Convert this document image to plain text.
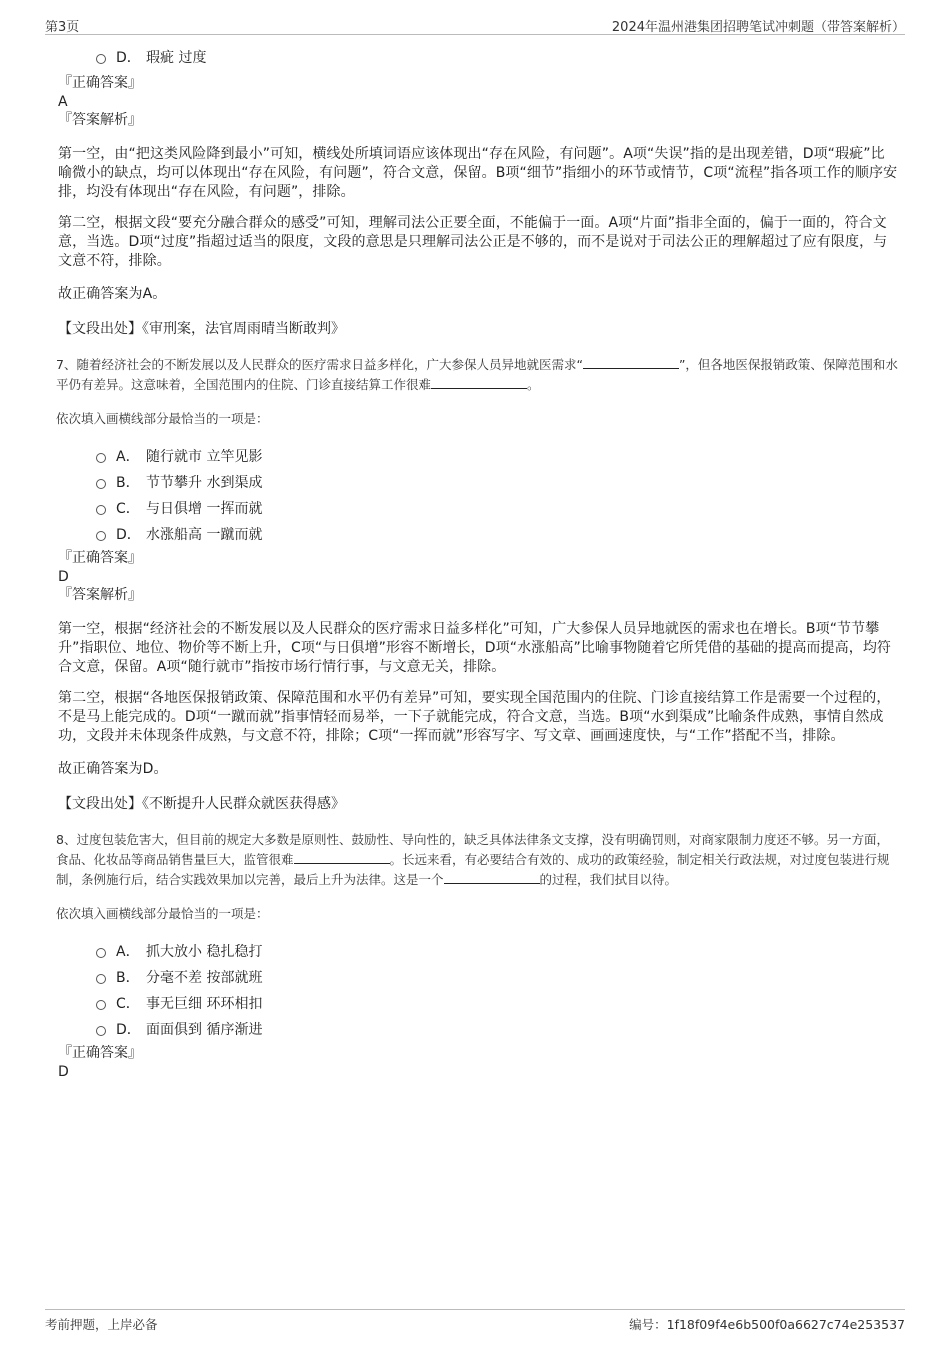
第3页	2024年温州港集团招聘笔试冲刺题（带答案解析）
D． 瑕疵 过度
『正确答案』
A
『答案解析』
第一空，由“把这类风险降到最小”可知，横线处所填词语应该体现出“存在风险，有问题”。A项“失误”指的是出现差错，D项“瑕疵”比喻微小的缺点，均可以体现出“存在风险，有问题”，符合文意，保留。B项“细节”指细小的环节或情节，C项“流程”指各项工作的顺序安排，均没有体现出“存在风险，有问题”，排除。
第二空，根据文段“要充分融合群众的感受”可知，理解司法公正要全面，不能偏于一面。A项“片面”指非全面的，偏于一面的，符合文意，当选。D项“过度”指超过适当的限度，文段的意思是只理解司法公正是不够的，而不是说对于司法公正的理解超过了应有限度，与文意不符，排除。
故正确答案为A。
【文段出处】《审刑案，法官周雨晴当断敢判》
7、随着经济社会的不断发展以及人民群众的医疗需求日益多样化，广大参保人员异地就医需求“	”，但各地医保报销政策、保障范围和水平仍有差异。这意味着，全国范围内的住院、门诊直接结算工作很难	。
依次填入画横线部分最恰当的一项是：
A． 随行就市 立竿见影
B． 节节攀升 水到渠成
C． 与日俱增 一挥而就
D． 水涨船高 一蹴而就
『正确答案』
D
『答案解析』
第一空，根据“经济社会的不断发展以及人民群众的医疗需求日益多样化”可知，广大参保人员异地就医的需求也在增长。B项“节节攀升”指职位、地位、物价等不断上升，C项“与日俱增”形容不断增长，D项“水涨船高”比喻事物随着它所凭借的基础的提高而提高，均符合文意，保留。A项“随行就市”指按市场行情行事，与文意无关，排除。
第二空，根据“各地医保报销政策、保障范围和水平仍有差异”可知，要实现全国范围内的住院、门诊直接结算工作是需要一个过程的，不是马上能完成的。D项“一蹴而就”指事情轻而易举，一下子就能完成，符合文意，当选。B项“水到渠成”比喻条件成熟，事情自然成功，文段并未体现条件成熟，与文意不符，排除；C项“一挥而就”形容写字、写文章、画画速度快，与“工作”搭配不当，排除。
故正确答案为D。
【文段出处】《不断提升人民群众就医获得感》
8、过度包装危害大，但目前的规定大多数是原则性、鼓励性、导向性的，缺乏具体法律条文支撑，没有明确罚则，对商家限制力度还不够。另一方面，食品、化妆品等商品销售量巨大，监管很难	。长远来看，有必要结合有效的、成功的政策经验，制定相关行政法规，对过度包装进行规制，条例施行后，结合实践效果加以完善，最后上升为法律。这是一个	的过程，我们拭目以待。
依次填入画横线部分最恰当的一项是：
A． 抓大放小 稳扎稳打
B． 分毫不差 按部就班
C． 事无巨细 环环相扣
D． 面面俱到 循序渐进
『正确答案』
D
考前押题，上岸必备	编号：1f18f09f4e6b500f0a6627c74e253537
